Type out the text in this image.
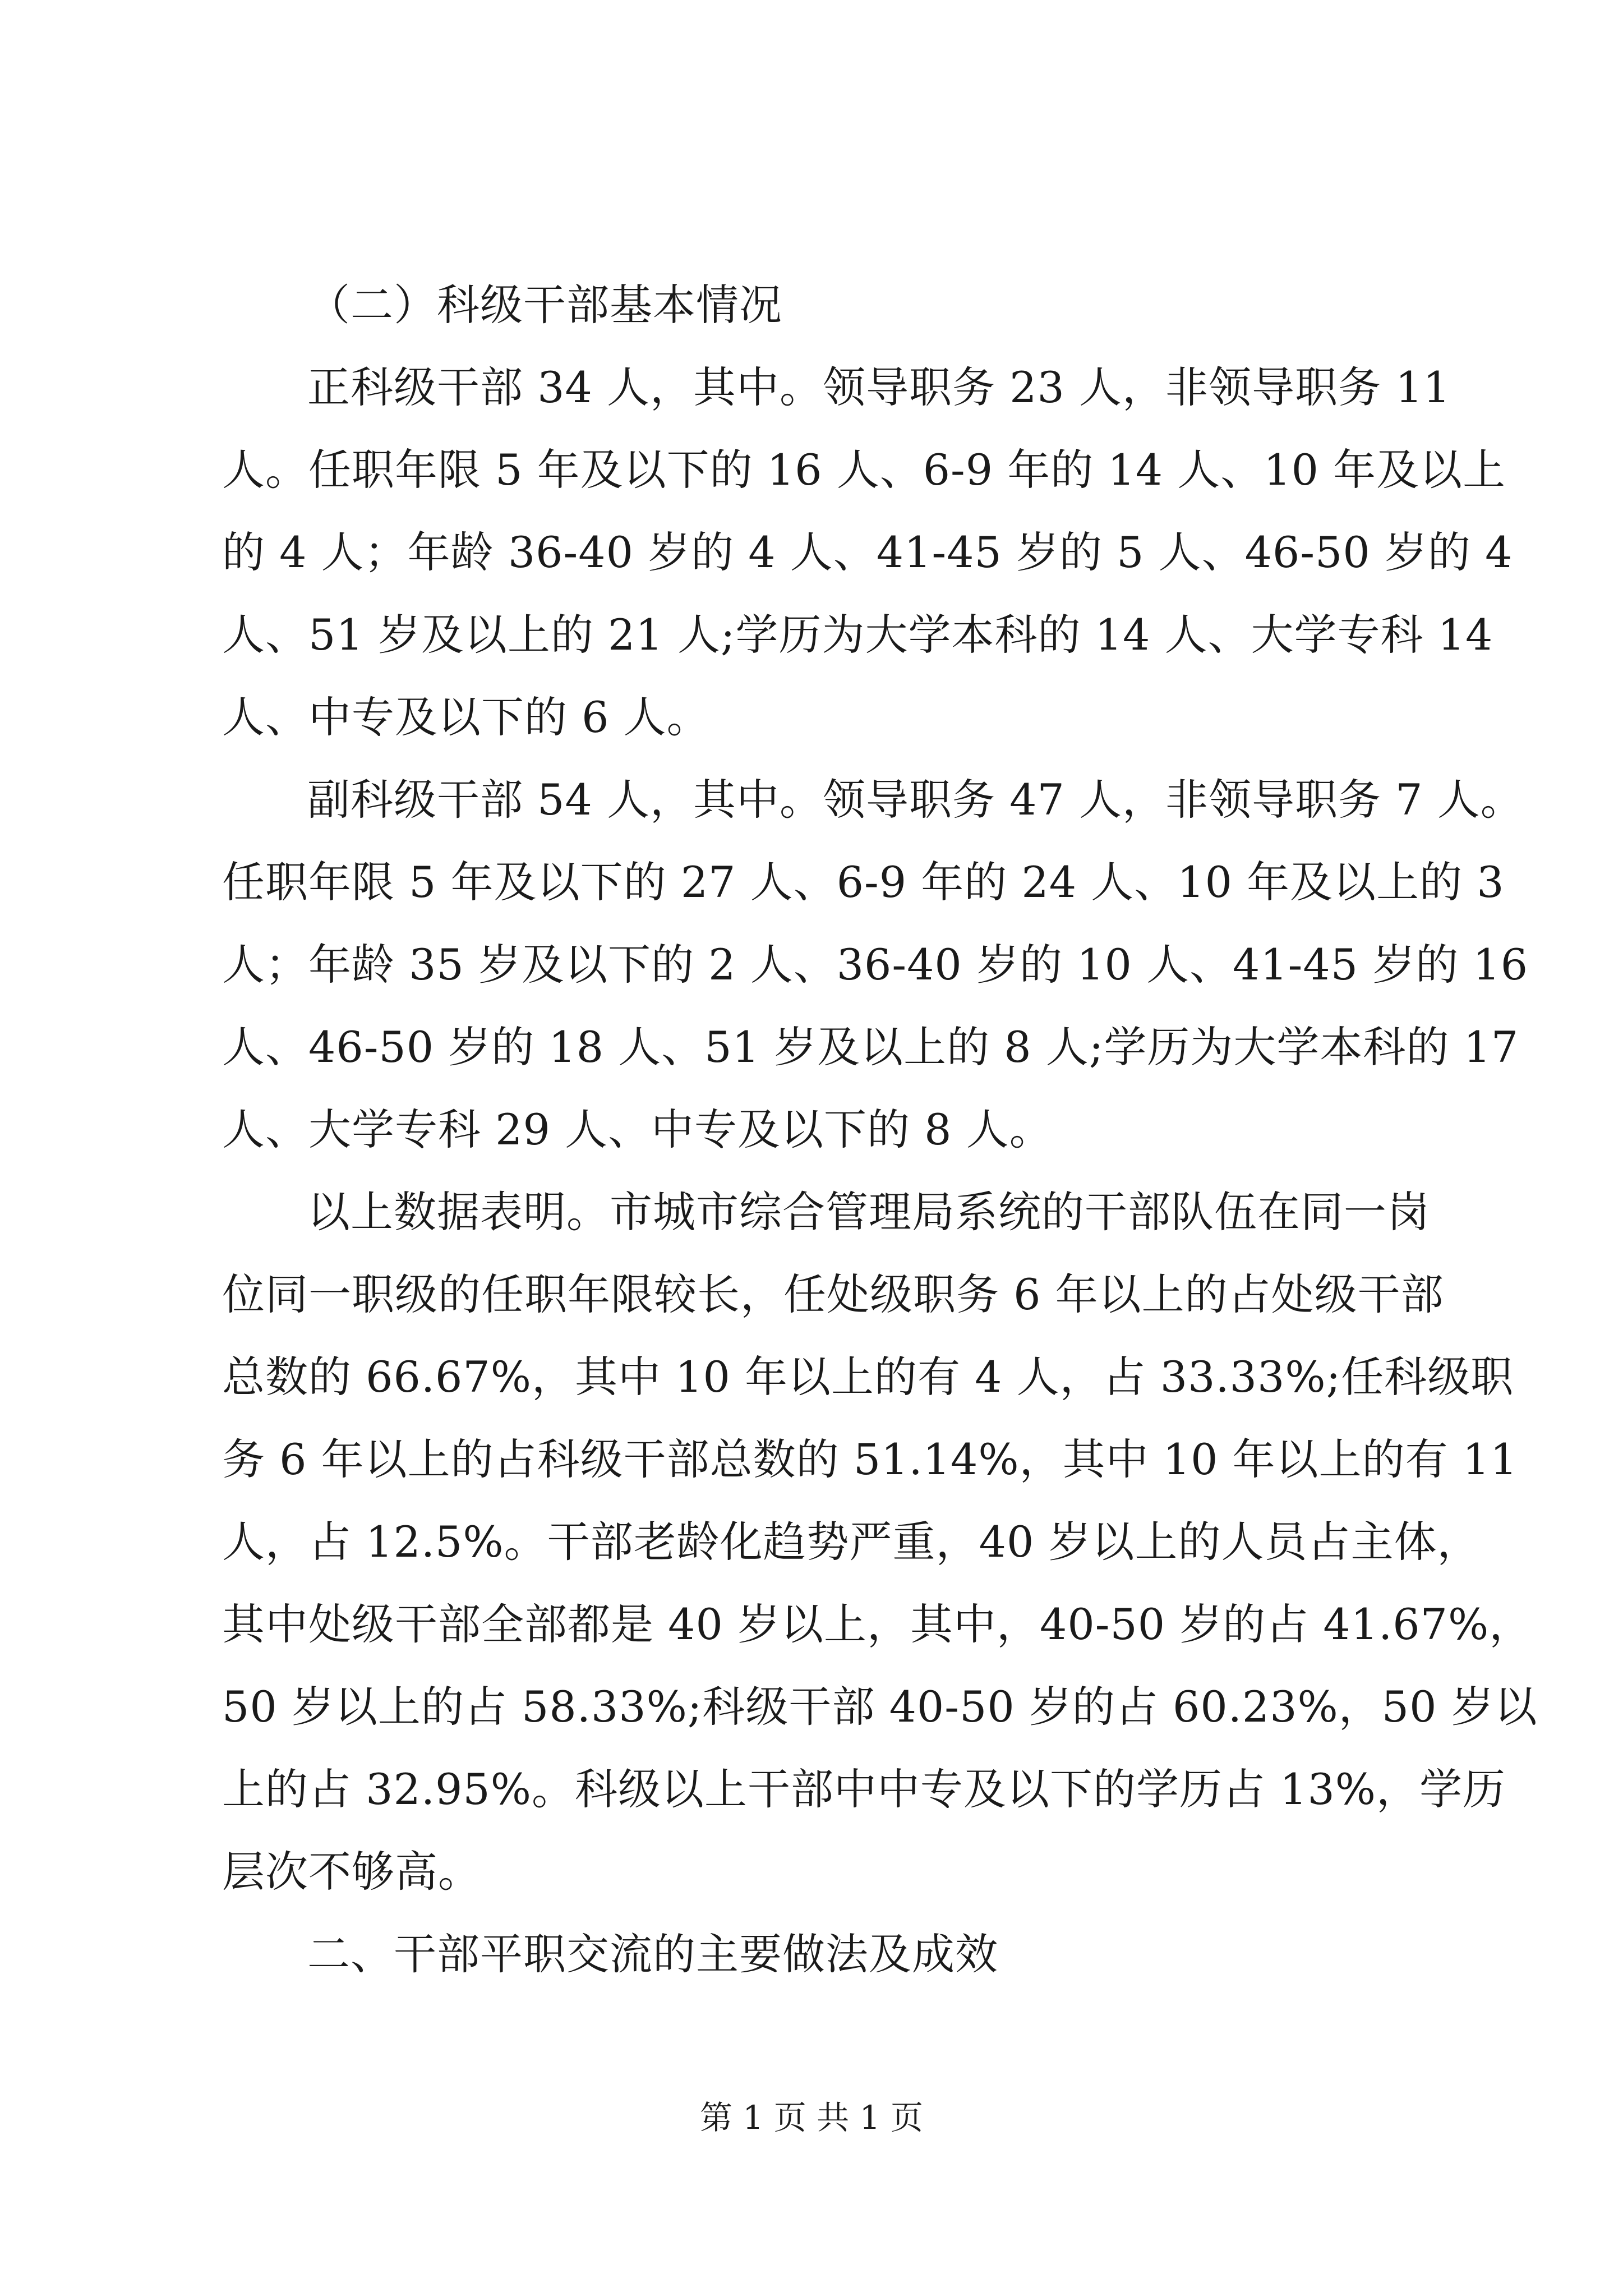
（二）科级干部基本情况
正科级干部 34 人，其中。领导职务 23 人，非领导职务 11
人。任职年限 5 年及以下的 16 人、6-9 年的 14 人、10 年及以上
的 4 人；年龄 36-40 岁的 4 人、41-45 岁的 5 人、46-50 岁的 4
人、51 岁及以上的 21 人;学历为大学本科的 14 人、大学专科 14
人、中专及以下的 6 人。
副科级干部 54 人，其中。领导职务 47 人，非领导职务 7 人。
任职年限 5 年及以下的 27 人、6-9 年的 24 人、10 年及以上的 3
人；年龄 35 岁及以下的 2 人、36-40 岁的 10 人、41-45 岁的 16
人、46-50 岁的 18 人、51 岁及以上的 8 人;学历为大学本科的 17
人、大学专科 29 人、中专及以下的 8 人。
以上数据表明。市城市综合管理局系统的干部队伍在同一岗
位同一职级的任职年限较长，任处级职务 6 年以上的占处级干部
总数的 66.67%，其中 10 年以上的有 4 人，占 33.33%;任科级职
务 6 年以上的占科级干部总数的 51.14%，其中 10 年以上的有 11
人，占 12.5%。干部老龄化趋势严重，40 岁以上的人员占主体，
其中处级干部全部都是 40 岁以上，其中，40-50 岁的占 41.67%，
50 岁以上的占 58.33%;科级干部 40-50 岁的占 60.23%，50 岁以
上的占 32.95%。科级以上干部中中专及以下的学历占 13%，学历
层次不够高。
二、干部平职交流的主要做法及成效
第 1 页 共 1 页
